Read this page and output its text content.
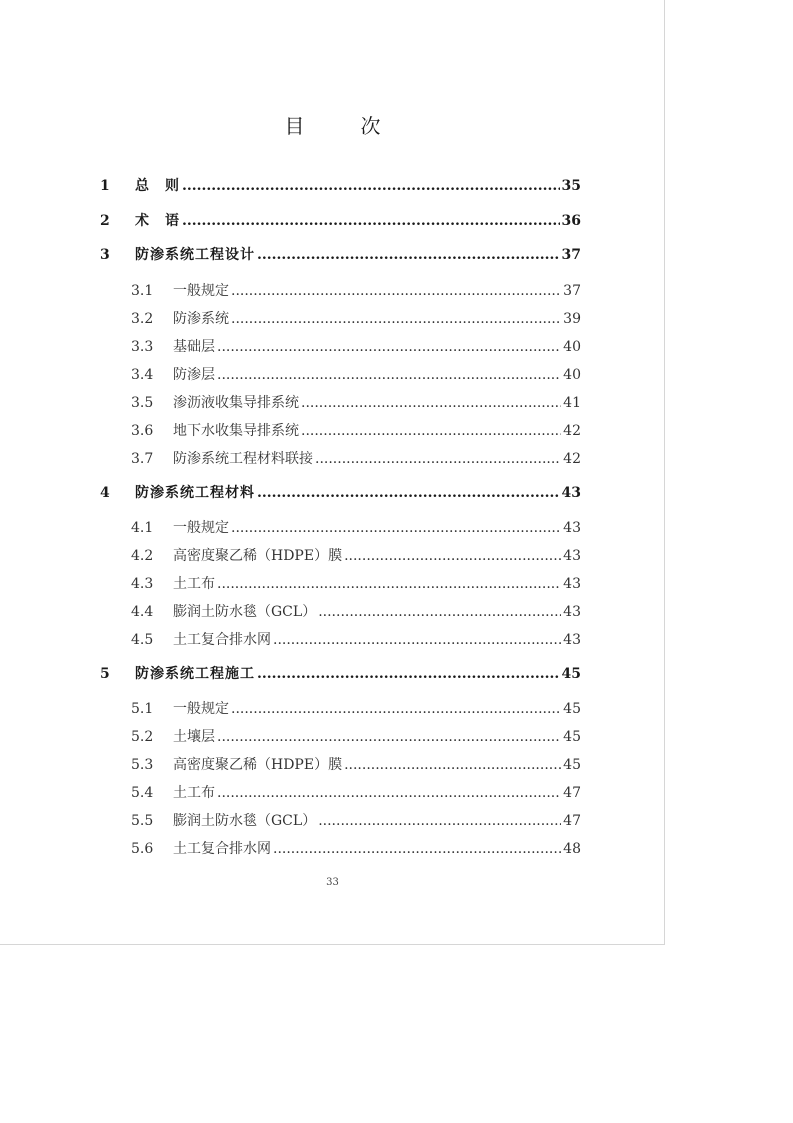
目　次
1	总　则 .....	35
2	术　语 .....	36
3	防渗系统工程设计 .....	37
3.1	一般规定 .....	37
3.2	防渗系统 .....	39
3.3	基础层 .....	40
3.4	防渗层 .....	40
3.5	渗沥液收集导排系统 .....	41
3.6	地下水收集导排系统 .....	42
3.7	防渗系统工程材料联接 .....	42
4	防渗系统工程材料 .....	43
4.1	一般规定 .....	43
4.2	高密度聚乙稀（HDPE）膜 .....	43
4.3	土工布 .....	43
4.4	膨润土防水毯（GCL） .....	43
4.5	土工复合排水网 .....	43
5	防渗系统工程施工 .....	45
5.1	一般规定 .....	45
5.2	土壤层 .....	45
5.3	高密度聚乙稀（HDPE）膜 .....	45
5.4	土工布 .....	47
5.5	膨润土防水毯（GCL） .....	47
5.6	土工复合排水网 .....	48
33
